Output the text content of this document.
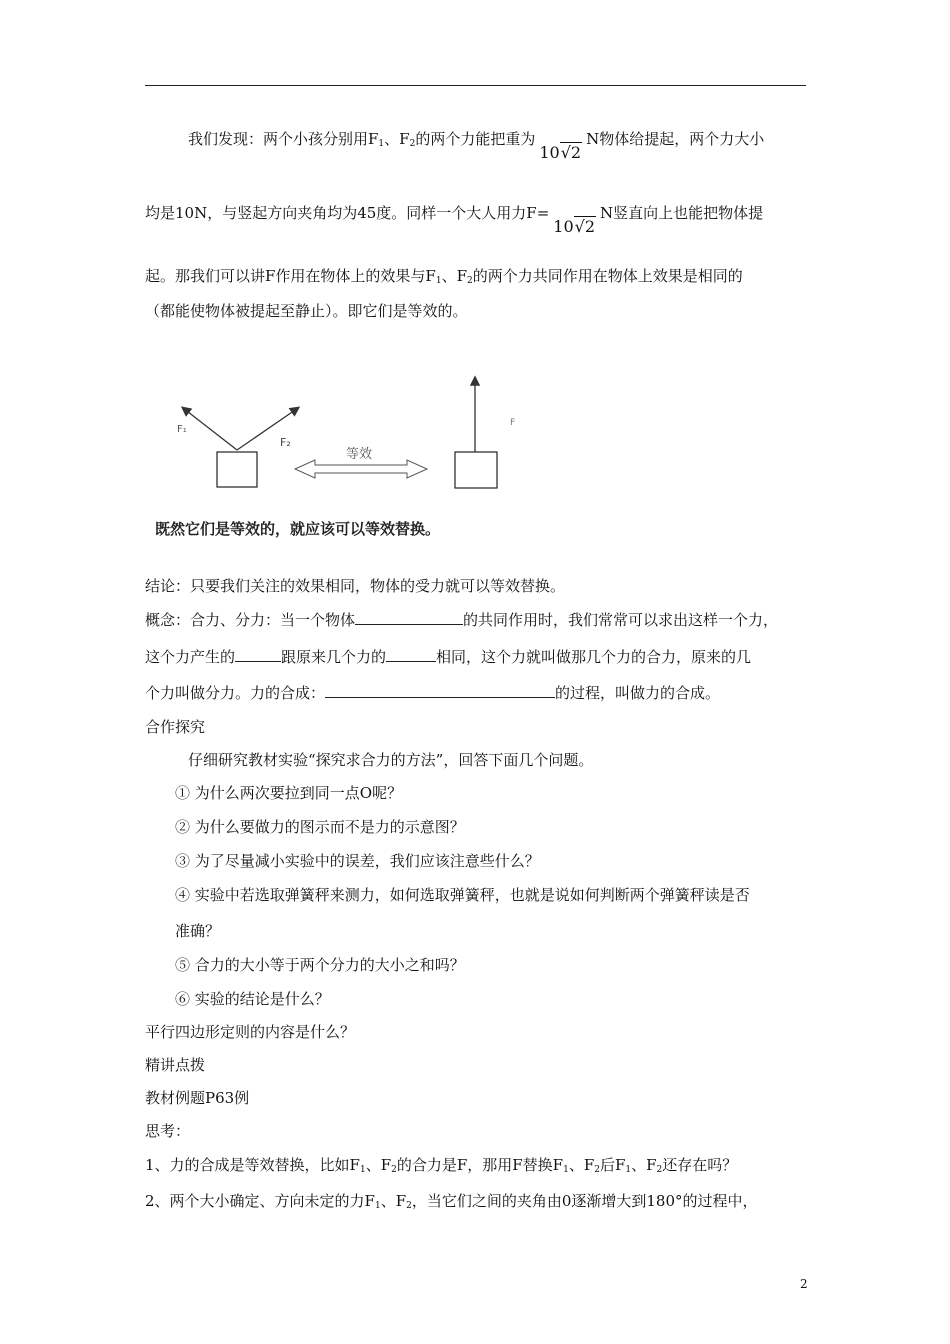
我们发现：两个小孩分别用$F_1$、$F_2$的两个力能把重为10√2N物体给提起，两个力大小
均是10N，与竖起方向夹角均为45度。同样一个大人用力F=10√2N竖直向上也能把物体提
起。那我们可以讲F作用在物体上的效果与$F_1$、$F_2$的两个力共同作用在物体上效果是相同的
（都能使物体被提起至静止）。即它们是等效的。
F₁
F₂
等效
F
既然它们是等效的，就应该可以等效替换。
结论：只要我们关注的效果相同，物体的受力就可以等效替换。
概念：合力、分力：当一个物体	的共同作用时，我们常常可以求出这样一个力，
这个力产生的	跟原来几个力的	相同，这个力就叫做那几个力的合力，原来的几
个力叫做分力。力的合成：	的过程，叫做力的合成。
合作探究
仔细研究教材实验“探究求合力的方法”，回答下面几个问题。
① 为什么两次要拉到同一点O呢？
② 为什么要做力的图示而不是力的示意图？
③ 为了尽量减小实验中的误差，我们应该注意些什么？
④ 实验中若选取弹簧秤来测力，如何选取弹簧秤，也就是说如何判断两个弹簧秤读是否
准确？
⑤ 合力的大小等于两个分力的大小之和吗？
⑥ 实验的结论是什么？
平行四边形定则的内容是什么？
精讲点拨
教材例题P63例
思考：
1、力的合成是等效替换，比如$F_1$、$F_2$的合力是F，那用F替换$F_1$、$F_2$后$F_1$、$F_2$还存在吗？
2、两个大小确定、方向未定的力$F_1$、$F_2$，当它们之间的夹角由0逐渐增大到180°的过程中，
2
